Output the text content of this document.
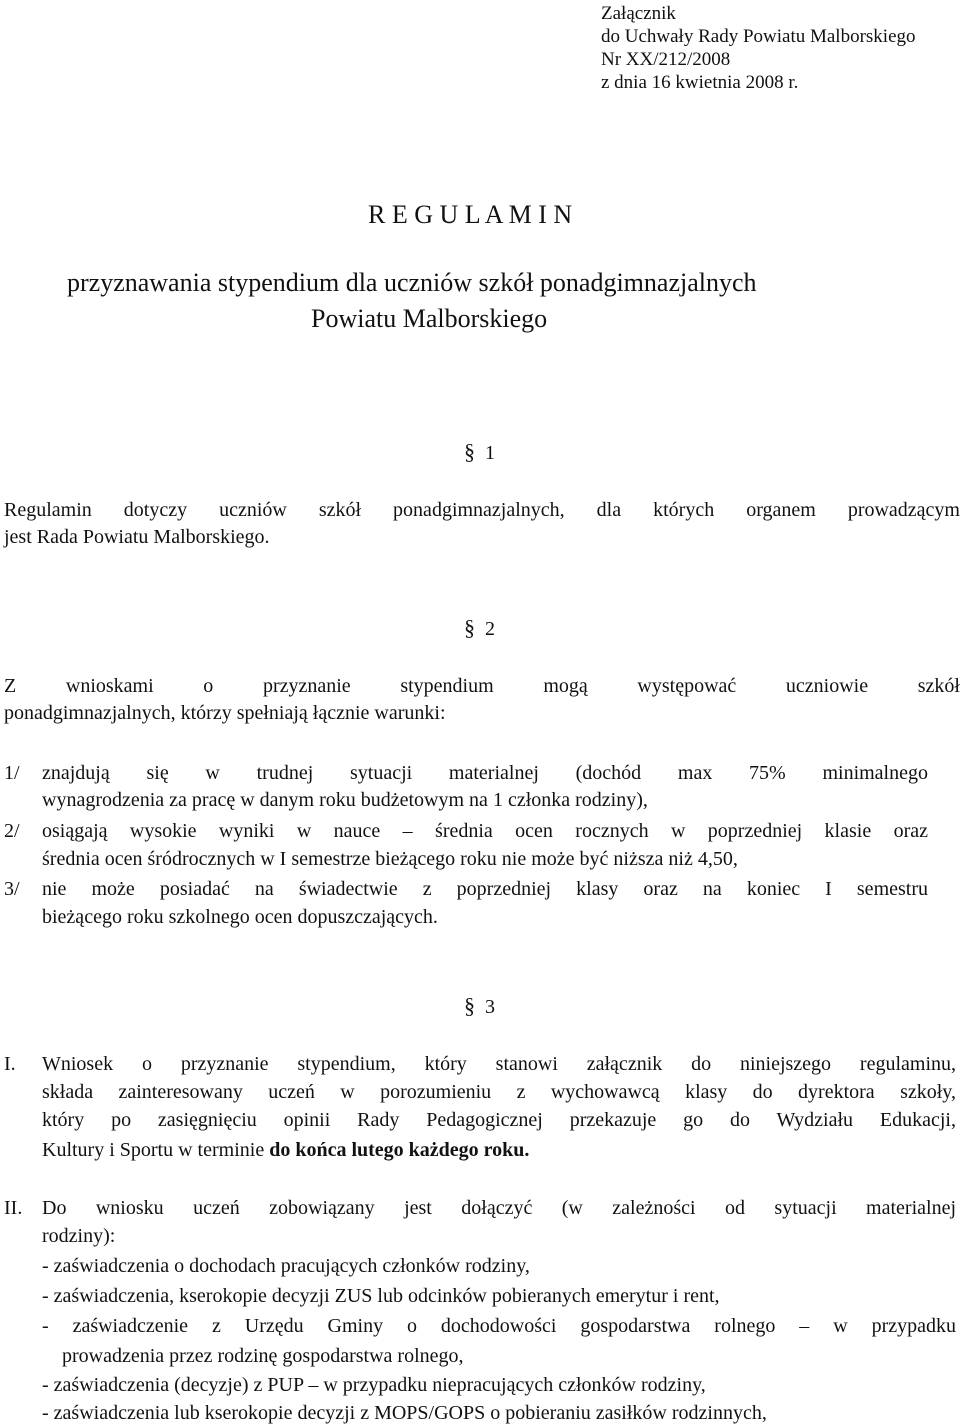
Załącznik
do Uchwały Rady Powiatu Malborskiego
Nr XX/212/2008
z dnia 16 kwietnia 2008 r.
R E G U L A M I N
przyznawania stypendium dla uczniów szkół ponadgimnazjalnych
Powiatu Malborskiego
§ 1
Regulamin dotyczy uczniów szkół ponadgimnazjalnych, dla których organem prowadzącym
jest Rada Powiatu Malborskiego.
§ 2
Z wnioskami o przyznanie stypendium mogą występować uczniowie szkół
ponadgimnazjalnych, którzy spełniają łącznie warunki:
1/ znajdują się w trudnej sytuacji materialnej (dochód max 75% minimalnego
wynagrodzenia za pracę w danym roku budżetowym na 1 członka rodziny),
2/ osiągają wysokie wyniki w nauce – średnia ocen rocznych w poprzedniej klasie oraz
średnia ocen śródrocznych w I semestrze bieżącego roku nie może być niższa niż 4,50,
3/ nie może posiadać na świadectwie z poprzedniej klasy oraz na koniec I semestru
bieżącego roku szkolnego ocen dopuszczających.
§ 3
I. Wniosek o przyznanie stypendium, który stanowi załącznik do niniejszego regulaminu,
składa zainteresowany uczeń w porozumieniu z wychowawcą klasy do dyrektora szkoły,
który po zasięgnięciu opinii Rady Pedagogicznej przekazuje go do Wydziału Edukacji,
Kultury i Sportu w terminie do końca lutego każdego roku.
II. Do wniosku uczeń zobowiązany jest dołączyć (w zależności od sytuacji materialnej
rodziny):
- zaświadczenia o dochodach pracujących członków rodziny,
- zaświadczenia, kserokopie decyzji ZUS lub odcinków pobieranych emerytur i rent,
- zaświadczenie z Urzędu Gminy o dochodowości gospodarstwa rolnego – w przypadku
prowadzenia przez rodzinę gospodarstwa rolnego,
- zaświadczenia (decyzje) z PUP – w przypadku niepracujących członków rodziny,
- zaświadczenia lub kserokopie decyzji z MOPS/GOPS o pobieraniu zasiłków rodzinnych,
